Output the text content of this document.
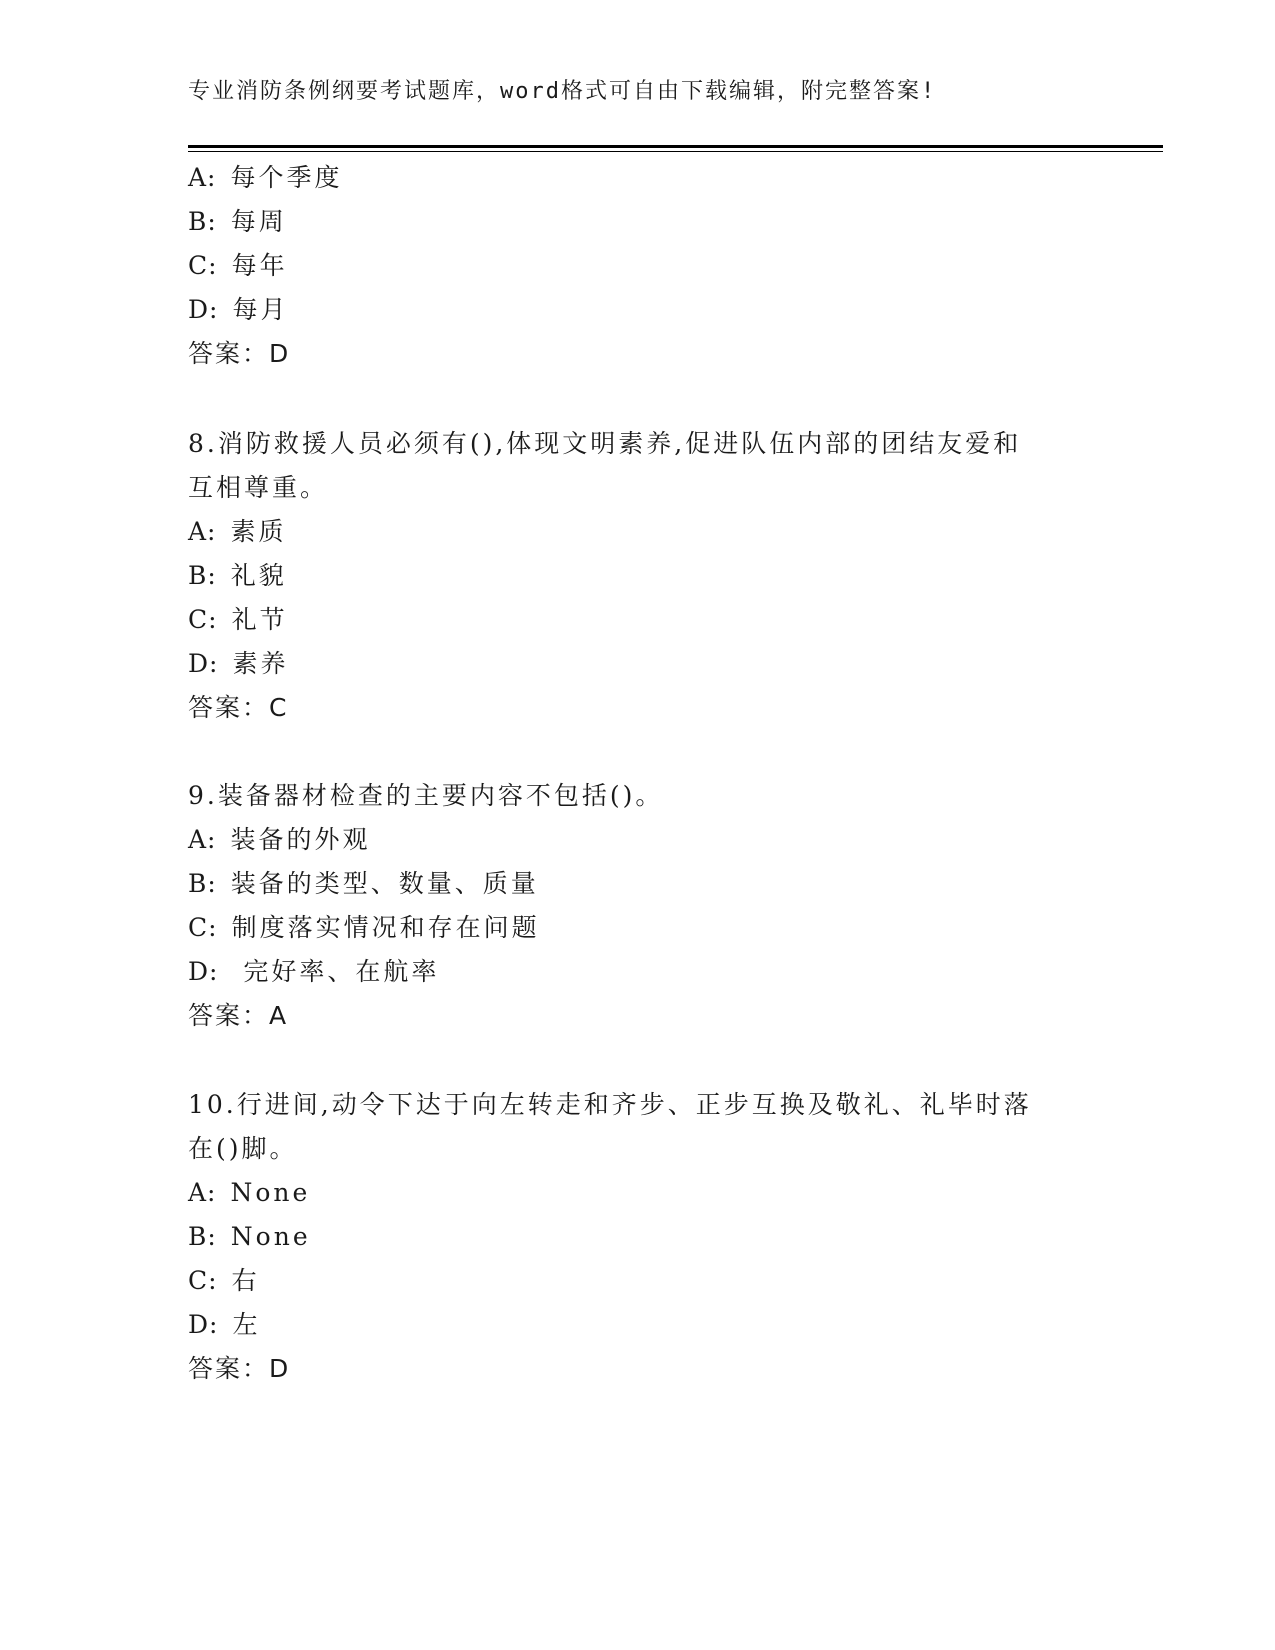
专业消防条例纲要考试题库，word格式可自由下载编辑，附完整答案!
A: 每个季度
B: 每周
C: 每年
D: 每月
答案：D
8.消防救援人员必须有(),体现文明素养,促进队伍内部的团结友爱和
互相尊重。
A: 素质
B: 礼貌
C: 礼节
D: 素养
答案：C
9.装备器材检查的主要内容不包括()。
A: 装备的外观
B: 装备的类型、数量、质量
C: 制度落实情况和存在问题
D: 完好率、在航率
答案：A
10.行进间,动令下达于向左转走和齐步、正步互换及敬礼、礼毕时落
在()脚。
A: None
B: None
C: 右
D: 左
答案：D
